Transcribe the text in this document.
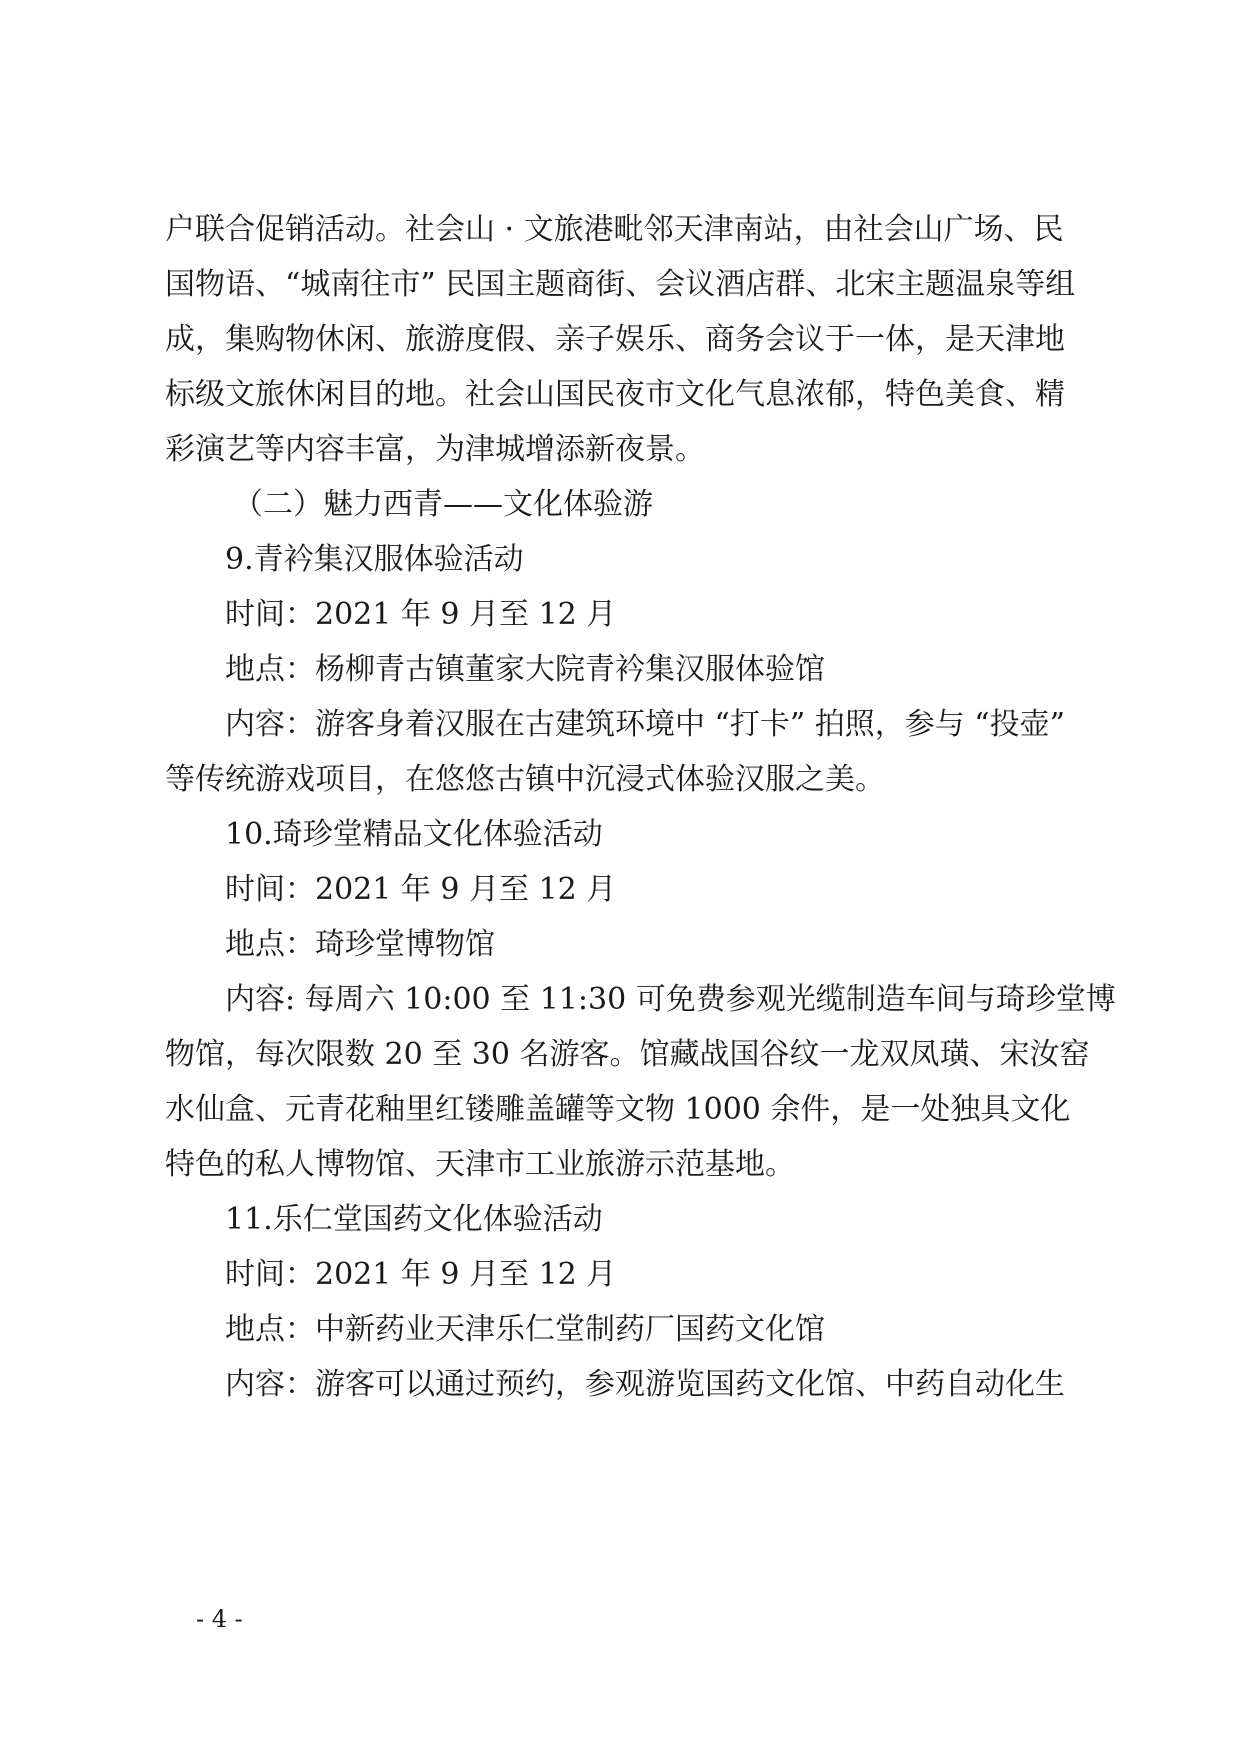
户联合促销活动。社会山 · 文旅港毗邻天津南站，由社会山广场、民
国物语、“城南往市” 民国主题商街、会议酒店群、北宋主题温泉等组
成，集购物休闲、旅游度假、亲子娱乐、商务会议于一体，是天津地
标级文旅休闲目的地。社会山国民夜市文化气息浓郁，特色美食、精
彩演艺等内容丰富，为津城增添新夜景。
（二）魅力西青——文化体验游
9.青衿集汉服体验活动
时间：2021 年 9 月至 12 月
地点：杨柳青古镇董家大院青衿集汉服体验馆
内容：游客身着汉服在古建筑环境中 “打卡” 拍照，参与 “投壶”
等传统游戏项目，在悠悠古镇中沉浸式体验汉服之美。
10.琦珍堂精品文化体验活动
时间：2021 年 9 月至 12 月
地点：琦珍堂博物馆
内容: 每周六 10:00 至 11:30 可免费参观光缆制造车间与琦珍堂博
物馆，每次限数 20 至 30 名游客。馆藏战国谷纹一龙双凤璜、宋汝窑
水仙盒、元青花釉里红镂雕盖罐等文物 1000 余件，是一处独具文化
特色的私人博物馆、天津市工业旅游示范基地。
11.乐仁堂国药文化体验活动
时间：2021 年 9 月至 12 月
地点：中新药业天津乐仁堂制药厂国药文化馆
内容：游客可以通过预约，参观游览国药文化馆、中药自动化生
- 4 -
